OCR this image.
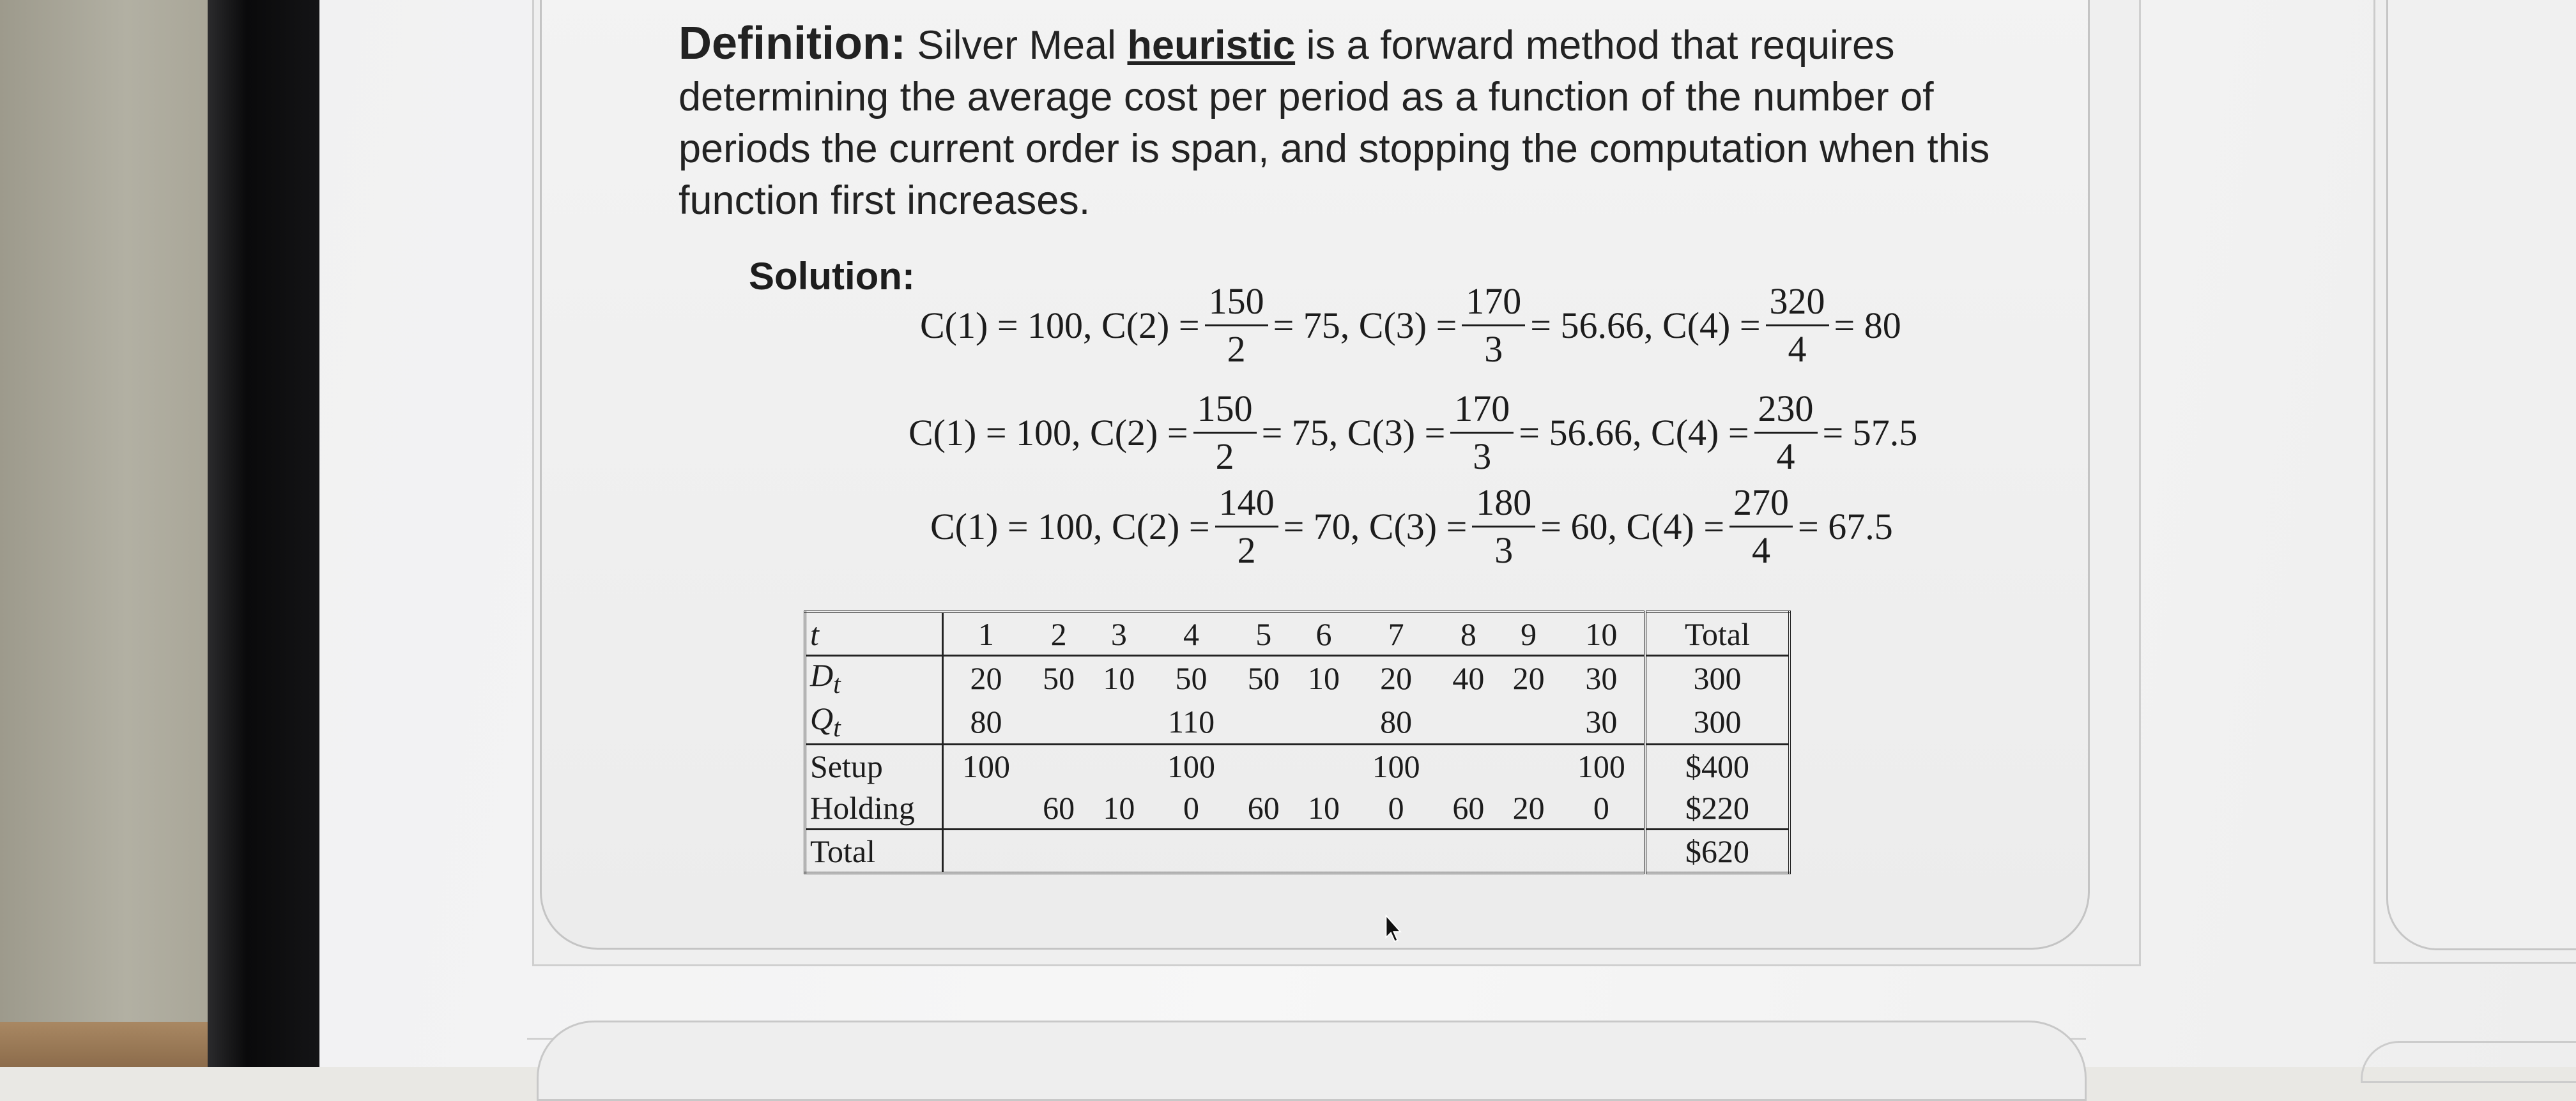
Definition: Silver Meal heuristic is a forward method that requires determining the average cost per period as a function of the number of periods the current order is span, and stopping the computation when this function first increases.
Solution:
C(1) = 100, $C(2) = \frac{150}{2} = 75$, $C(3) = \frac{170}{3} = 56.66$, $C(4) = \frac{320}{4} = 80$
C(1) = 100, $C(2) = \frac{150}{2} = 75$, $C(3) = \frac{170}{3} = 56.66$, $C(4) = \frac{230}{4} = 57.5$
C(1) = 100, $C(2) = \frac{140}{2} = 70$, $C(3) = \frac{180}{3} = 60$, $C(4) = \frac{270}{4} = 67.5$
t	1	2	3	4	5	6	7	8	9	10	Total
$D_t$	20	50	10	50	50	10	20	40	20	30	300
$Q_t$	80			110			80			30	300
Setup	100			100			100			100	$400
Holding		60	10	0	60	10	0	60	20	0	$220
Total											$620
